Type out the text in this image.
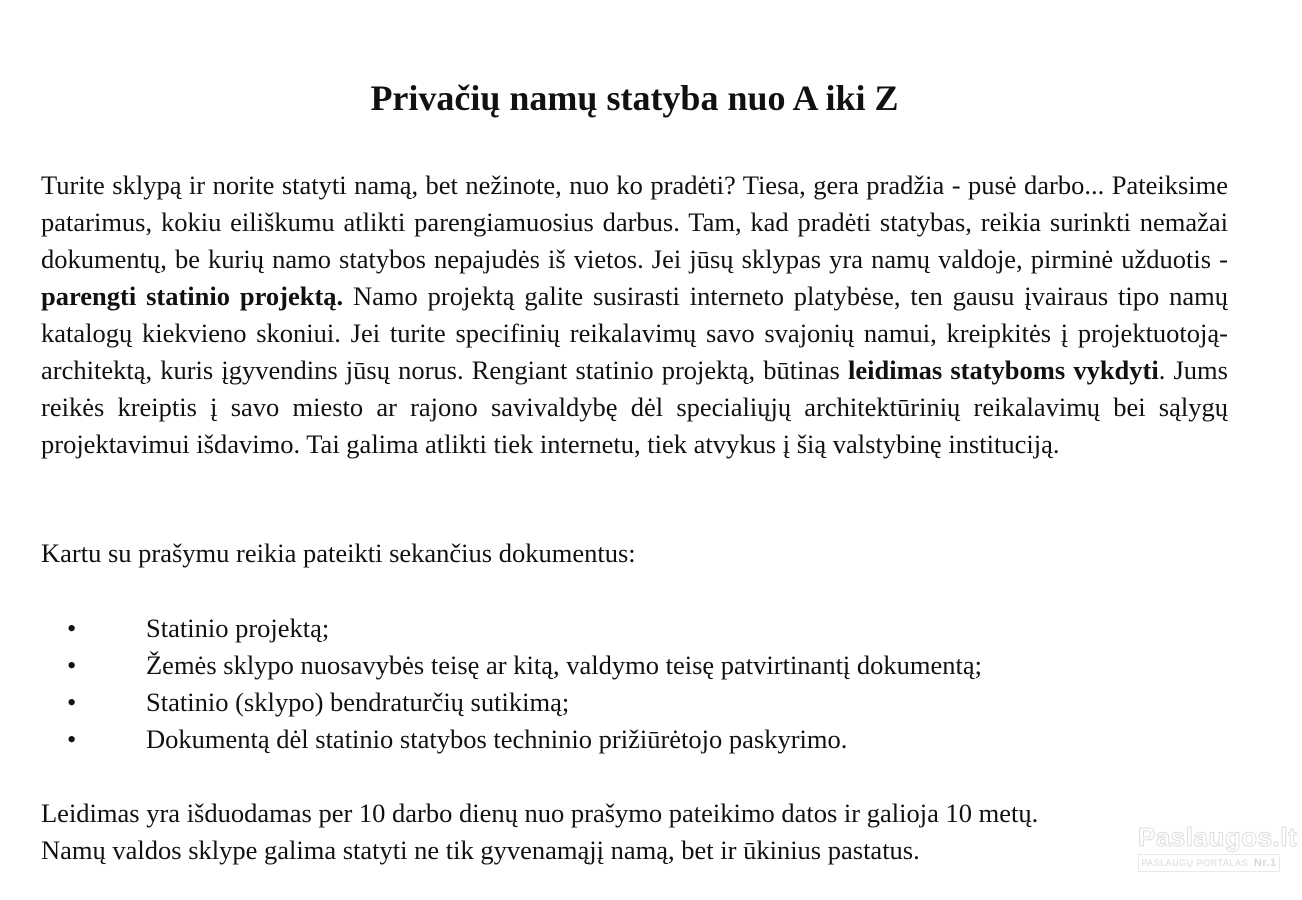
Privačių namų statyba nuo A iki Z

Turite sklypą ir norite statyti namą, bet nežinote, nuo ko pradėti? Tiesa, gera pradžia - pusė darbo... Pateiksime patarimus, kokiu eiliškumu atlikti parengiamuosius darbus. Tam, kad pradėti statybas, reikia surinkti nemažai dokumentų, be kurių namo statybos nepajudės iš vietos. Jei jūsų sklypas yra namų valdoje, pirminė užduotis - parengti statinio projektą. Namo projektą galite susirasti interneto platybėse, ten gausu įvairaus tipo namų katalogų kiekvieno skoniui. Jei turite specifinių reikalavimų savo svajonių namui, kreipkitės į projektuotoją-architektą, kuris įgyvendins jūsų norus. Rengiant statinio projektą, būtinas leidimas statyboms vykdyti. Jums reikės kreiptis į savo miesto ar rajono savivaldybę dėl specialiųjų architektūrinių reikalavimų bei sąlygų projektavimui išdavimo. Tai galima atlikti tiek internetu, tiek atvykus į šią valstybinę instituciją.

Kartu su prašymu reikia pateikti sekančius dokumentus:

•	Statinio projektą;
•	Žemės sklypo nuosavybės teisę ar kitą, valdymo teisę patvirtinantį dokumentą;
•	Statinio (sklypo) bendraturčių sutikimą;
•	Dokumentą dėl statinio statybos techninio prižiūrėtojo paskyrimo.

Leidimas yra išduodamas per 10 darbo dienų nuo prašymo pateikimo datos ir galioja 10 metų.
Namų valdos sklype galima statyti ne tik gyvenamąjį namą, bet ir ūkinius pastatus.	Paslaugos.lt
PASLAUGŲ PORTALAS Nr.1
